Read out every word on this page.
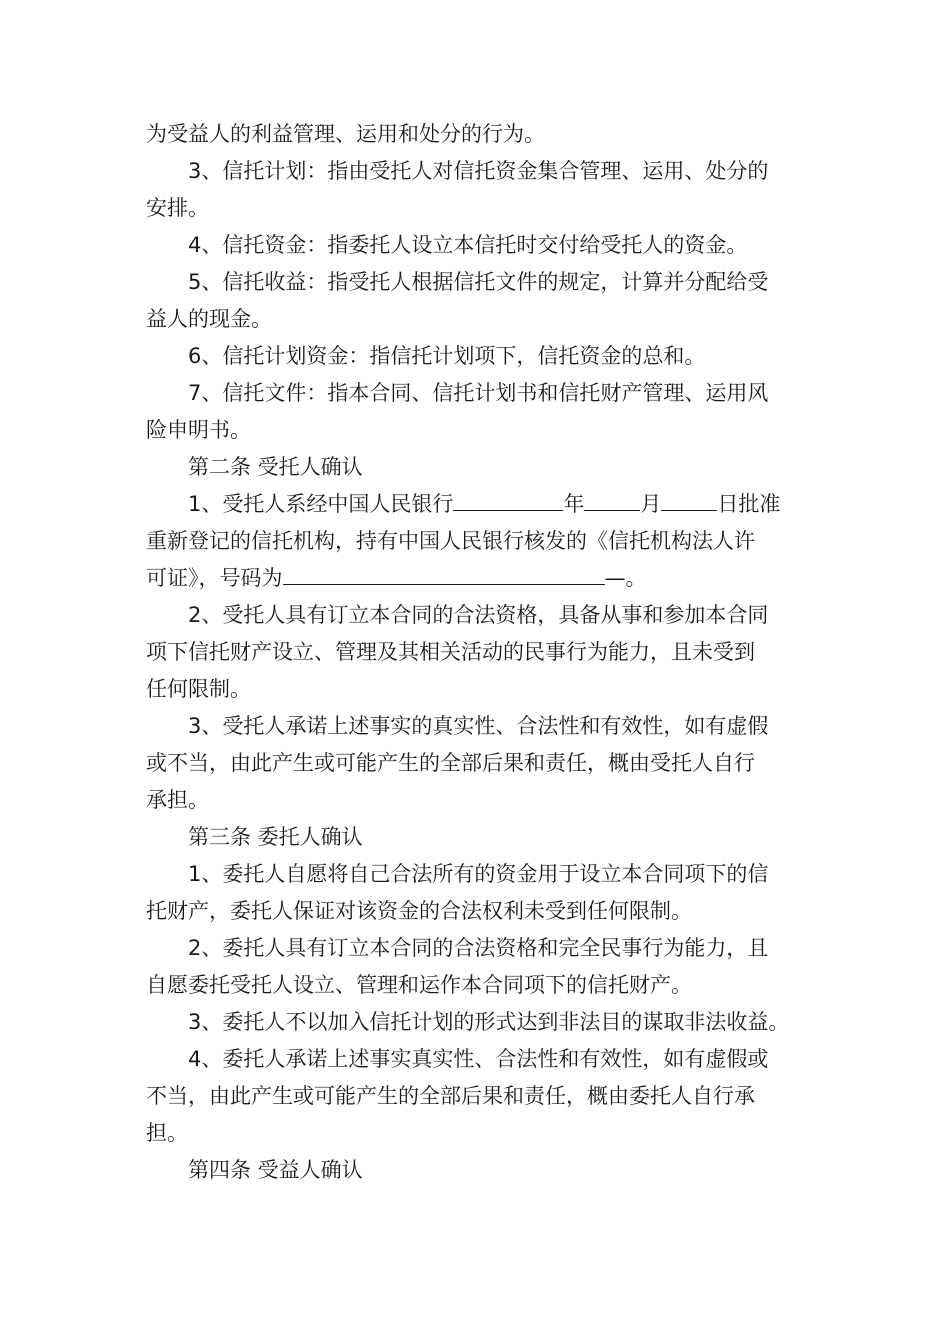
为受益人的利益管理、运用和处分的行为。
3、信托计划：指由受托人对信托资金集合管理、运用、处分的
安排。
4、信托资金：指委托人设立本信托时交付给受托人的资金。
5、信托收益：指受托人根据信托文件的规定，计算并分配给受
益人的现金。
6、信托计划资金：指信托计划项下，信托资金的总和。
7、信托文件：指本合同、信托计划书和信托财产管理、运用风
险申明书。
第二条 受托人确认
1、受托人系经中国人民银行	年	月	日批准
重新登记的信托机构，持有中国人民银行核发的《信托机构法人许
可证》，号码为	—。
2、受托人具有订立本合同的合法资格，具备从事和参加本合同
项下信托财产设立、管理及其相关活动的民事行为能力，且未受到
任何限制。
3、受托人承诺上述事实的真实性、合法性和有效性，如有虚假
或不当，由此产生或可能产生的全部后果和责任，概由受托人自行
承担。
第三条 委托人确认
1、委托人自愿将自己合法所有的资金用于设立本合同项下的信
托财产，委托人保证对该资金的合法权利未受到任何限制。
2、委托人具有订立本合同的合法资格和完全民事行为能力，且
自愿委托受托人设立、管理和运作本合同项下的信托财产。
3、委托人不以加入信托计划的形式达到非法目的谋取非法收益。
4、委托人承诺上述事实真实性、合法性和有效性，如有虚假或
不当，由此产生或可能产生的全部后果和责任，概由委托人自行承
担。
第四条 受益人确认
